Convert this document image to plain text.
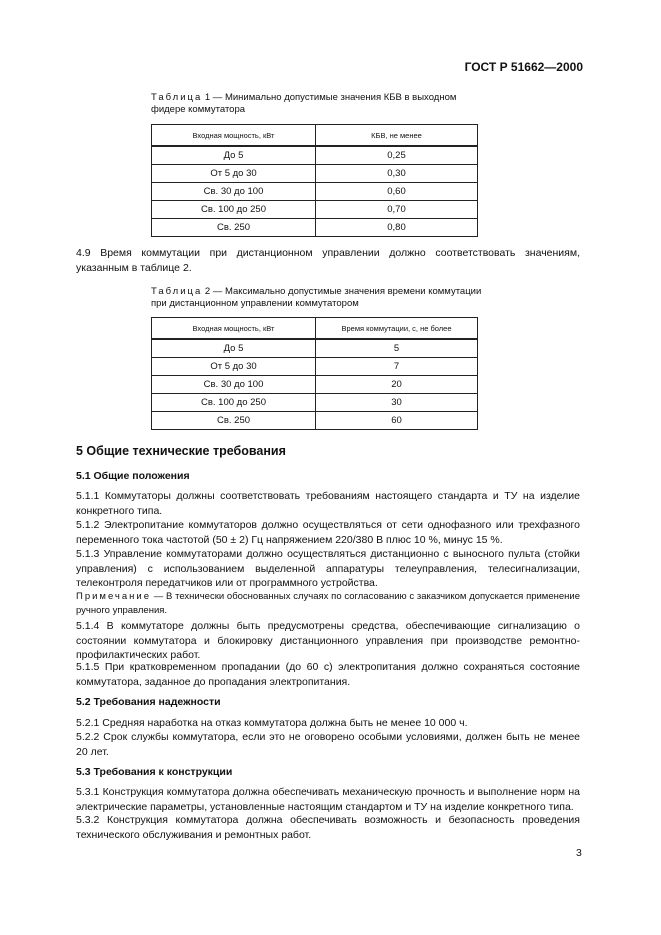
ГОСТ Р 51662—2000
Таблица 1 — Минимально допустимые значения КБВ в выходном
фидере коммутатора
Входная мощность, кВт	КБВ, не менее
До 5	0,25
От 5 до 30	0,30
Св. 30 до 100	0,60
Св. 100 до 250	0,70
Св. 250	0,80
4.9 Время коммутации при дистанционном управлении должно соответствовать значениям, указанным в таблице 2.
Таблица 2 — Максимально допустимые значения времени коммутации
при дистанционном управлении коммутатором
Входная мощность, кВт	Время коммутации, с, не более
До 5	5
От 5 до 30	7
Св. 30 до 100	20
Св. 100 до 250	30
Св. 250	60
5 Общие технические требования
5.1 Общие положения
5.1.1 Коммутаторы должны соответствовать требованиям настоящего стандарта и ТУ на изделие конкретного типа.
5.1.2 Электропитание коммутаторов должно осуществляться от сети однофазного или трехфазного переменного тока частотой (50 ± 2) Гц напряжением 220/380 В плюс 10 %, минус 15 %.
5.1.3 Управление коммутаторами должно осуществляться дистанционно с выносного пульта (стойки управления) с использованием выделенной аппаратуры телеуправления, телесигнализации, телеконтроля передатчиков или от программного устройства.
Примечание — В технически обоснованных случаях по согласованию с заказчиком допускается применение ручного управления.
5.1.4 В коммутаторе должны быть предусмотрены средства, обеспечивающие сигнализацию о состоянии коммутатора и блокировку дистанционного управления при производстве ремонтно-профилактических работ.
5.1.5 При кратковременном пропадании (до 60 с) электропитания должно сохраняться состояние коммутатора, заданное до пропадания электропитания.
5.2 Требования надежности
5.2.1 Средняя наработка на отказ коммутатора должна быть не менее 10 000 ч.
5.2.2 Срок службы коммутатора, если это не оговорено особыми условиями, должен быть не менее 20 лет.
5.3 Требования к конструкции
5.3.1 Конструкция коммутатора должна обеспечивать механическую прочность и выполнение норм на электрические параметры, установленные настоящим стандартом и ТУ на изделие конкретного типа.
5.3.2 Конструкция коммутатора должна обеспечивать возможность и безопасность проведения технического обслуживания и ремонтных работ.
3
